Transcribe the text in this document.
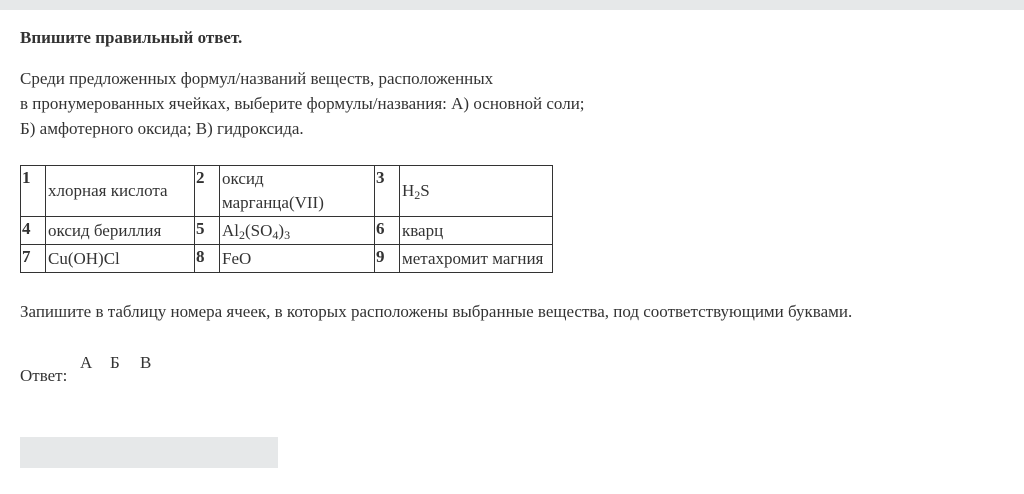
Впишите правильный ответ.
Среди предложенных формул/названий веществ, расположенных
в пронумерованных ячейках, выберите формулы/названия: А) основной соли;
Б) амфотерного оксида; В) гидроксида.
1	хлорная кислота	2	оксид
марганца(VII)	3	$H_2S$
4	оксид бериллия	5	$Al_2(SO_4)_3$	6	кварц
7	Cu(OH)Cl	8	FeO	9	метахромит магния
Запишите в таблицу номера ячеек, в которых расположены выбранные вещества, под соответствующими буквами.
Ответ:
А Б В
